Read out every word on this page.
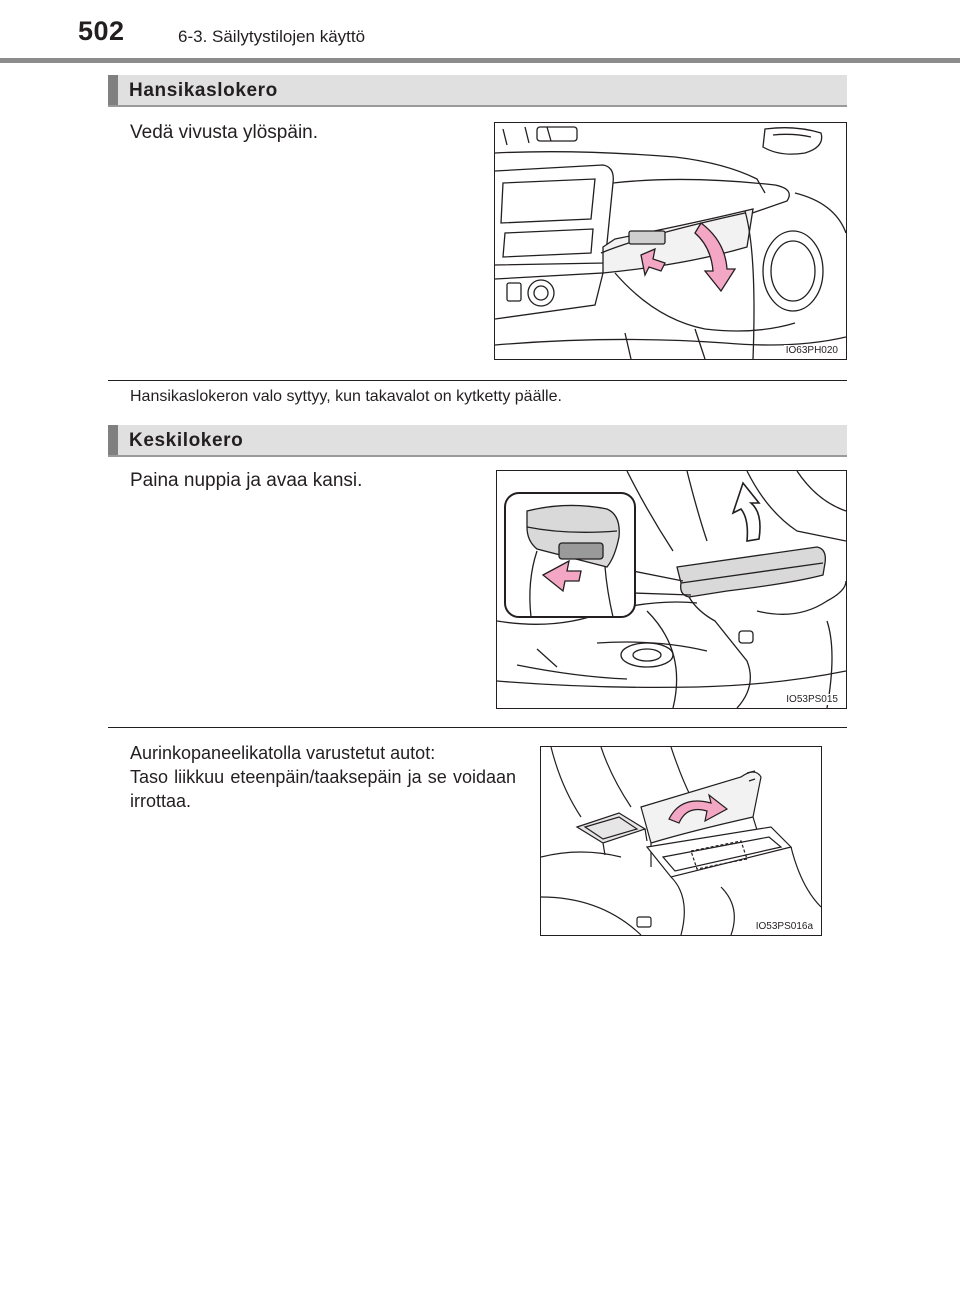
502	6-3. Säilytystilojen käyttö
Hansikaslokero
Vedä vivusta ylöspäin.
IO63PH020
Hansikaslokeron valo syttyy, kun takavalot on kytketty päälle.
Keskilokero
Paina nuppia ja avaa kansi.
IO53PS015
Aurinkopaneelikatolla varustetut autot:
Taso liikkuu eteenpäin/taaksepäin ja se voidaan irrottaa.
IO53PS016a
